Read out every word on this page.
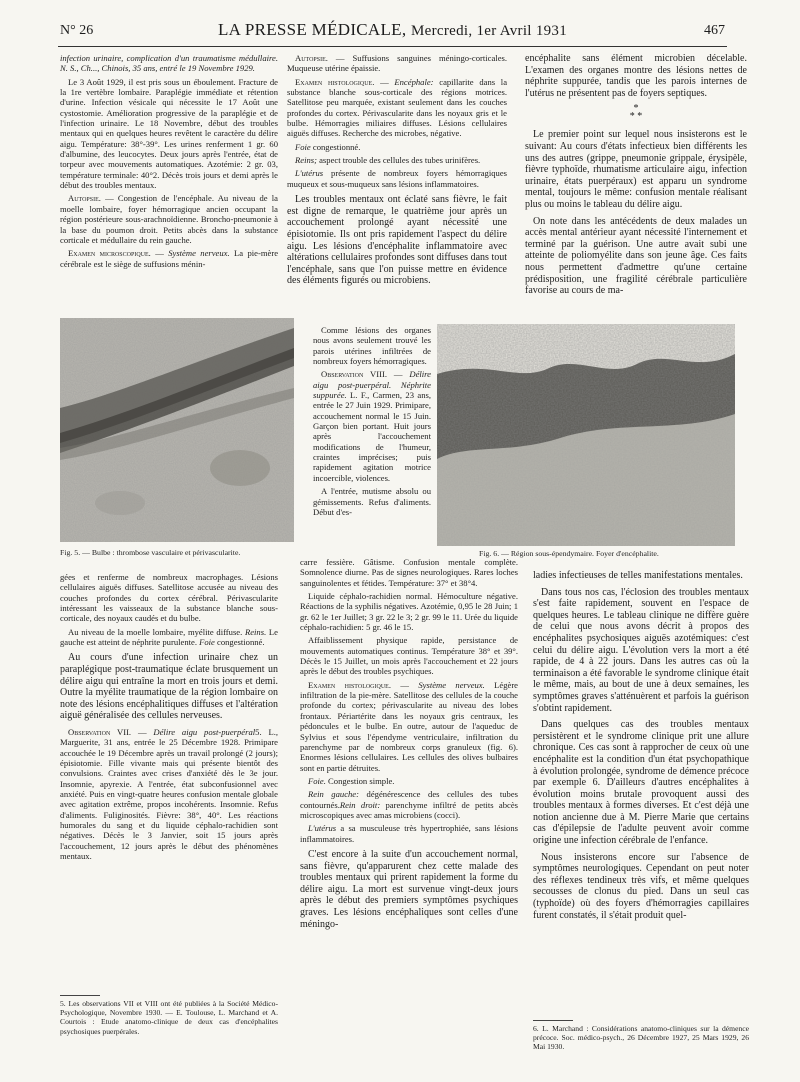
N° 26	LA PRESSE MÉDICALE, Mercredi, 1er Avril 1931	467

infection urinaire, complication d'un traumatisme médullaire. N. S., Ch..., Chinois, 35 ans, entré le 19 Novembre 1929.

Le 3 Août 1929, il est pris sous un éboulement. Fracture de la 1re vertèbre lombaire. Paraplégie immédiate et rétention d'urine. Infection vésicale qui nécessite le 17 Août une cystostomie. Amélioration progressive de la paraplégie et de l'infection urinaire. Le 18 Novembre, début des troubles mentaux qui en quelques heures revêtent le caractère du délire aigu. Température: 38°-39°. Les urines renferment 1 gr. 60 d'albumine, des leucocytes. Deux jours après l'entrée, état de torpeur avec mouvements automatiques. Azotémie: 2 gr. 03, température terminale: 40°2. Décès trois jours et demi après le début des troubles mentaux.

Autopsie. — Congestion de l'encéphale. Au niveau de la moelle lombaire, foyer hémorragique ancien occupant la région postérieure sous-arachnoïdienne. Broncho-pneumonie à la base du poumon droit. Petits abcès dans la substance corticale et médullaire du rein gauche.

Examen microscopique. — Système nerveux. La pie-mère cérébrale est le siège de suffusions ménin-

Fig. 5. — Bulbe : thrombose vasculaire et périvascularite.	Fig. 6. — Région sous-épendymaire. Foyer d'encéphalite.

gées et renferme de nombreux macrophages. Lésions cellulaires aiguës diffuses. Satellitose accusée au niveau des couches profondes du cortex cérébral. Périvascularite intéressant les vaisseaux de la substance blanche sous-corticale, des noyaux caudés et du bulbe.

Au niveau de la moelle lombaire, myélite diffuse. Reins. Le gauche est atteint de néphrite purulente. Foie congestionné.

Au cours d'une infection urinaire chez un paraplégique post-traumatique éclate brusquement un délire aigu qui entraîne la mort en trois jours et demi. Outre la myélite traumatique de la région lombaire on note des lésions encéphalitiques diffuses et l'altération aiguë généralisée des cellules nerveuses.

Observation VII. — Délire aigu post-puerpéral5. L., Marguerite, 31 ans, entrée le 25 Décembre 1928. Primipare accouchée le 19 Décembre après un travail prolongé (2 jours); épisiotomie. Fille vivante mais qui présente bientôt des convulsions. Craintes avec crises d'anxiété dès le 3e jour. Insomnie, apyrexie. A l'entrée, état subconfusionnel avec anxiété. Puis en vingt-quatre heures confusion mentale globale avec agitation extrême, propos incohérents. Insomnie. Refus d'aliments. Fuliginosités. Fièvre: 38°, 40°. Les réactions humorales du sang et du liquide céphalo-rachidien sont négatives. Décès le 3 Janvier, soit 15 jours après l'accouchement, 12 jours après le début des phénomènes mentaux.

5. Les observations VII et VIII ont été publiées à la Société Médico-Psychologique, Novembre 1930. — E. Toulouse, L. Marchand et A. Courtois : Etude anatomo-clinique de deux cas d'encéphalites psychosiques puerpérales.

Autopsie. — Suffusions sanguines méningo-corticales. Muqueuse utérine épaissie.

Examen histologique. — Encéphale: capillarite dans la substance blanche sous-corticale des régions motrices. Satellitose peu marquée, existant seulement dans les couches profondes du cortex. Périvascularite dans les noyaux gris et le bulbe. Hémorragies miliaires diffuses. Lésions cellulaires aiguës diffuses. Recherche des microbes, négative.

Foie congestionné.

Reins; aspect trouble des cellules des tubes urinifères.

L'utérus présente de nombreux foyers hémorragiques muqueux et sous-muqueux sans lésions inflammatoires.

Les troubles mentaux ont éclaté sans fièvre, le fait est digne de remarque, le quatrième jour après un accouchement prolongé ayant nécessité une épisiotomie. Ils ont pris rapidement l'aspect du délire aigu. Les lésions d'encéphalite inflammatoire avec altérations cellulaires profondes sont diffuses dans tout l'encéphale, sans que l'on puisse mettre en évidence des éléments figurés ou microbiens.

Comme lésions des organes nous avons seulement trouvé les parois utérines infiltrées de nombreux foyers hémorragiques.

Observation VIII. — Délire aigu post-puerpéral. Néphrite suppurée. L. F., Carmen, 23 ans, entrée le 27 Juin 1929. Primipare, accouchement normal le 15 Juin. Garçon bien portant. Huit jours après l'accouchement modifications de l'humeur, craintes imprécises; puis rapidement agitation motrice incoercible, violences.

A l'entrée, mutisme absolu ou gémissements. Refus d'aliments. Début d'es-

carre fessière. Gâtisme. Confusion mentale complète. Somnolence diurne. Pas de signes neurologiques. Rares loches sanguinolentes et fétides. Température: 37° et 38°4.

Liquide céphalo-rachidien normal. Hémoculture négative. Réactions de la syphilis négatives. Azotémie, 0,95 le 28 Juin; 1 gr. 62 le 1er Juillet; 3 gr. 22 le 3; 2 gr. 99 le 11. Urée du liquide céphalo-rachidien: 5 gr. 46 le 15.

Affaiblissement physique rapide, persistance de mouvements automatiques continus. Température 38° et 39°. Décès le 15 Juillet, un mois après l'accouchement et 22 jours après le début des troubles psychiques.

Examen histologique. — Système nerveux. Légère infiltration de la pie-mère. Satellitose des cellules de la couche profonde du cortex; périvascularite au niveau des lobes frontaux. Périartérite dans les noyaux gris centraux, les pédoncules et le bulbe. En outre, autour de l'aqueduc de Sylvius et sous l'épendyme ventriculaire, infiltration du parenchyme par de nombreux corps granuleux (fig. 6). Enormes lésions cellulaires. Les cellules des olives bulbaires sont en partie détruites.

Foie. Congestion simple.

Rein gauche: dégénérescence des cellules des tubes contournés.Rein droit: parenchyme infiltré de petits abcès microscopiques avec amas microbiens (cocci).

L'utérus a sa musculeuse très hypertrophiée, sans lésions inflammatoires.

C'est encore à la suite d'un accouchement normal, sans fièvre, qu'apparurent chez cette malade des troubles mentaux qui prirent rapidement la forme du délire aigu. La mort est survenue vingt-deux jours après le début des premiers symptômes psychiques graves. Les lésions encéphaliques sont celles d'une méningo-

encéphalite sans élément microbien décelable. L'examen des organes montre des lésions nettes de néphrite suppurée, tandis que les parois internes de l'utérus ne présentent pas de foyers septiques.

*
* *

Le premier point sur lequel nous insisterons est le suivant: Au cours d'états infectieux bien différents les uns des autres (grippe, pneumonie grippale, érysipèle, fièvre typhoïde, rhumatisme articulaire aigu, infection urinaire, états puerpéraux) est apparu un syndrome mental, toujours le même: confusion mentale réalisant plus ou moins le tableau du délire aigu.

On note dans les antécédents de deux malades un accès mental antérieur ayant nécessité l'internement et terminé par la guérison. Une autre avait subi une atteinte de poliomyélite dans son jeune âge. Ces faits nous permettent d'admettre qu'une certaine prédisposition, une fragilité cérébrale particulière favorise au cours de ma-

ladies infectieuses de telles manifestations mentales.

Dans tous nos cas, l'éclosion des troubles mentaux s'est faite rapidement, souvent en l'espace de quelques heures. Le tableau clinique ne diffère guère de celui que nous avons décrit à propos des encéphalites psychosiques aiguës azotémiques: c'est celui du délire aigu. L'évolution vers la mort a été rapide, de 4 à 22 jours. Dans les autres cas où la terminaison a été favorable le syndrome clinique était le même, mais, au bout de une à deux semaines, les symptômes graves s'atténuèrent et parfois la guérison s'obtint rapidement.

Dans quelques cas des troubles mentaux persistèrent et le syndrome clinique prit une allure chronique. Ces cas sont à rapprocher de ceux où une encéphalite est la condition d'un état psychopathique à évolution prolongée, syndrome de démence précoce par exemple 6. D'ailleurs d'autres encéphalites à évolution moins brutale provoquent aussi des troubles mentaux à formes diverses. Et c'est déjà une notion ancienne due à M. Pierre Marie que certains cas d'épilepsie de l'adulte peuvent avoir comme origine une infection cérébrale de l'enfance.

Nous insisterons encore sur l'absence de symptômes neurologiques. Cependant on peut noter des réflexes tendineux très vifs, et même quelques secousses de clonus du pied. Dans un seul cas (typhoïde) où des foyers d'hémorragies capillaires furent constatés, il s'était produit quel-

6. L. Marchand : Considérations anatomo-cliniques sur la démence précoce. Soc. médico-psych., 26 Décembre 1927, 25 Mars 1929, 26 Mai 1930.
